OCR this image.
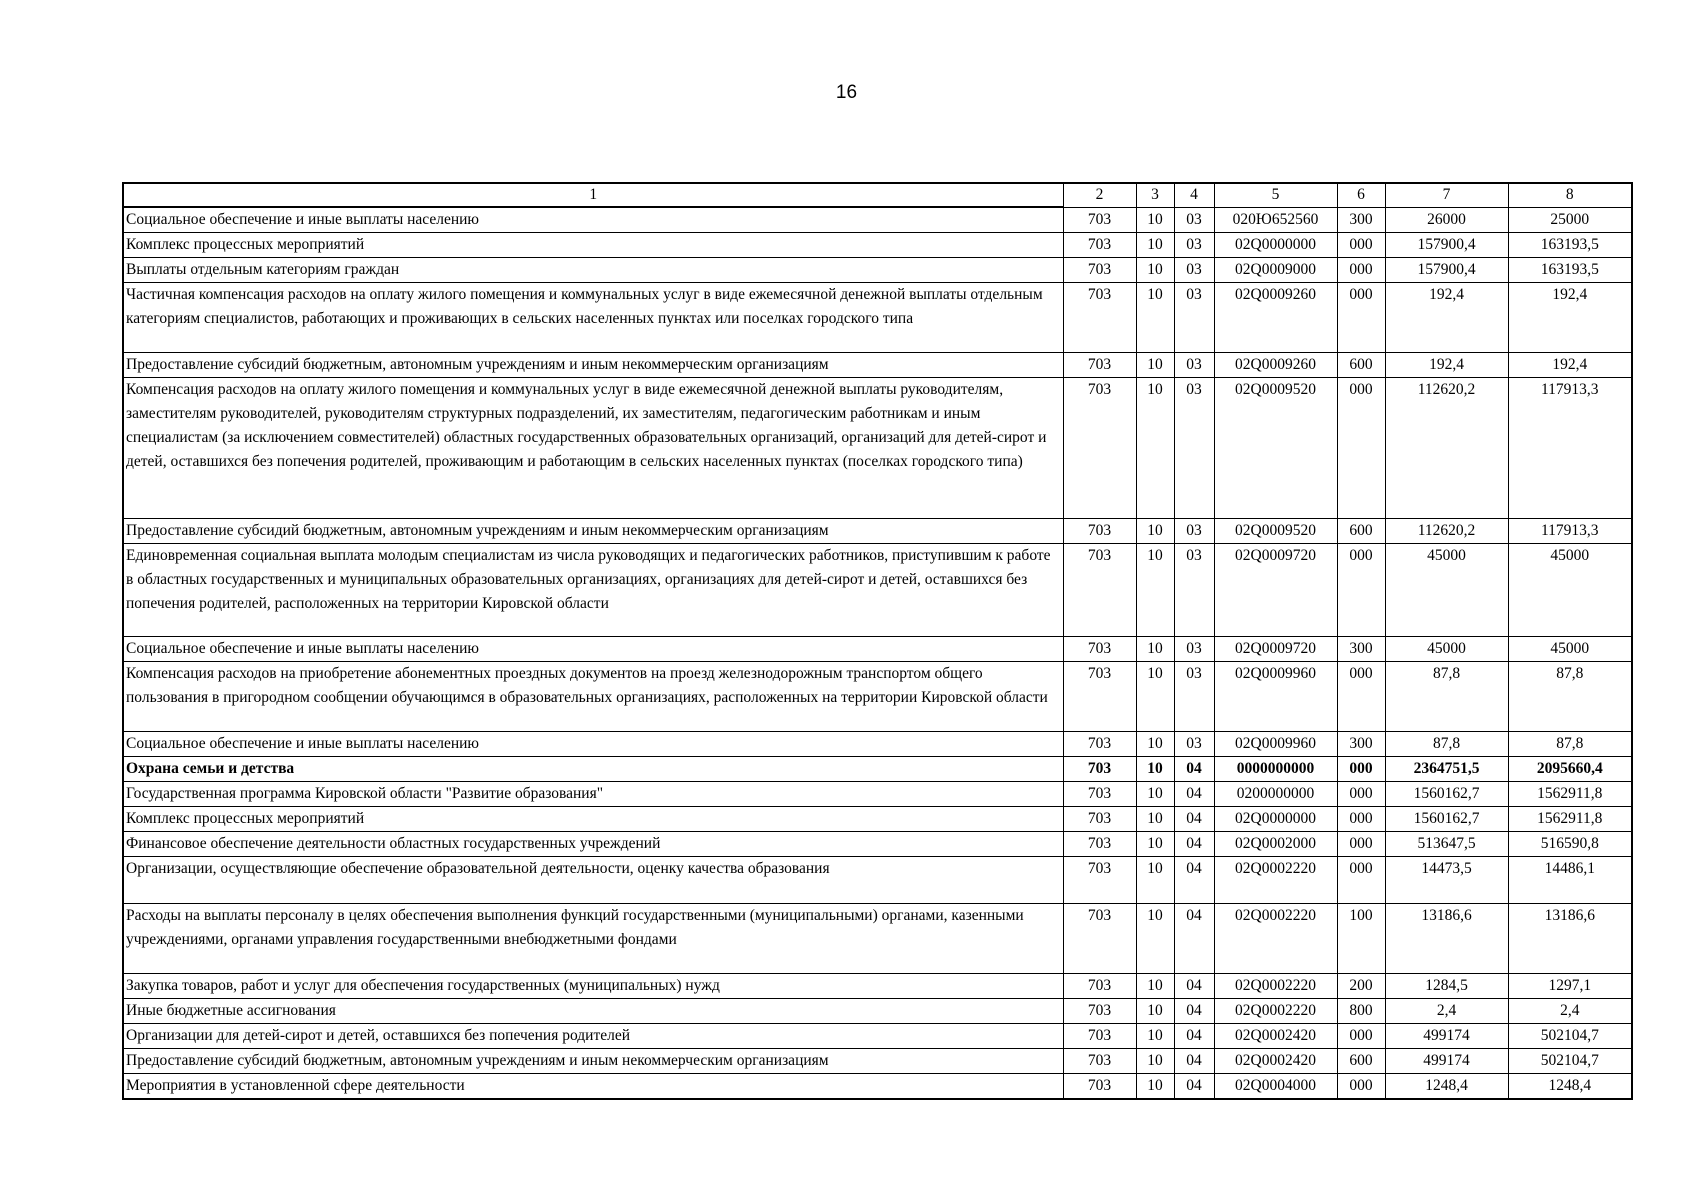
16
1	2	3	4	5	6	7	8
Социальное обеспечение и иные выплаты населению	703	10	03	020Ю652560	300	26000	25000
Комплекс процессных мероприятий	703	10	03	02Q0000000	000	157900,4	163193,5
Выплаты отдельным категориям граждан	703	10	03	02Q0009000	000	157900,4	163193,5
Частичная компенсация расходов на оплату жилого помещения и коммунальных услуг в виде ежемесячной денежной выплаты отдельным категориям специалистов, работающих и проживающих в сельских населенных пунктах или поселках городского типа	703	10	03	02Q0009260	000	192,4	192,4
Предоставление субсидий бюджетным, автономным учреждениям и иным некоммерческим организациям	703	10	03	02Q0009260	600	192,4	192,4
Компенсация расходов на оплату жилого помещения и коммунальных услуг в виде ежемесячной денежной выплаты руководителям, заместителям руководителей, руководителям структурных подразделений, их заместителям, педагогическим работникам и иным специалистам (за исключением совместителей) областных государственных образовательных организаций, организаций для детей-сирот и детей, оставшихся без попечения родителей, проживающим и работающим в сельских населенных пунктах (поселках городского типа)	703	10	03	02Q0009520	000	112620,2	117913,3
Предоставление субсидий бюджетным, автономным учреждениям и иным некоммерческим организациям	703	10	03	02Q0009520	600	112620,2	117913,3
Единовременная социальная выплата молодым специалистам из числа руководящих и педагогических работников, приступившим к работе в областных государственных и муниципальных образовательных организациях, организациях для детей-сирот и детей, оставшихся без попечения родителей, расположенных на территории Кировской области	703	10	03	02Q0009720	000	45000	45000
Социальное обеспечение и иные выплаты населению	703	10	03	02Q0009720	300	45000	45000
Компенсация расходов на приобретение абонементных проездных документов на проезд железнодорожным транспортом общего пользования в пригородном сообщении обучающимся в образовательных организациях, расположенных на территории Кировской области	703	10	03	02Q0009960	000	87,8	87,8
Социальное обеспечение и иные выплаты населению	703	10	03	02Q0009960	300	87,8	87,8
Охрана семьи и детства	703	10	04	0000000000	000	2364751,5	2095660,4
Государственная программа Кировской области "Развитие образования"	703	10	04	0200000000	000	1560162,7	1562911,8
Комплекс процессных мероприятий	703	10	04	02Q0000000	000	1560162,7	1562911,8
Финансовое обеспечение деятельности областных государственных учреждений	703	10	04	02Q0002000	000	513647,5	516590,8
Организации, осуществляющие обеспечение образовательной деятельности, оценку качества образования	703	10	04	02Q0002220	000	14473,5	14486,1
Расходы на выплаты персоналу в целях обеспечения выполнения функций государственными (муниципальными) органами, казенными учреждениями, органами управления государственными внебюджетными фондами	703	10	04	02Q0002220	100	13186,6	13186,6
Закупка товаров, работ и услуг для обеспечения государственных (муниципальных) нужд	703	10	04	02Q0002220	200	1284,5	1297,1
Иные бюджетные ассигнования	703	10	04	02Q0002220	800	2,4	2,4
Организации для детей-сирот и детей, оставшихся без попечения родителей	703	10	04	02Q0002420	000	499174	502104,7
Предоставление субсидий бюджетным, автономным учреждениям и иным некоммерческим организациям	703	10	04	02Q0002420	600	499174	502104,7
Мероприятия в установленной сфере деятельности	703	10	04	02Q0004000	000	1248,4	1248,4
